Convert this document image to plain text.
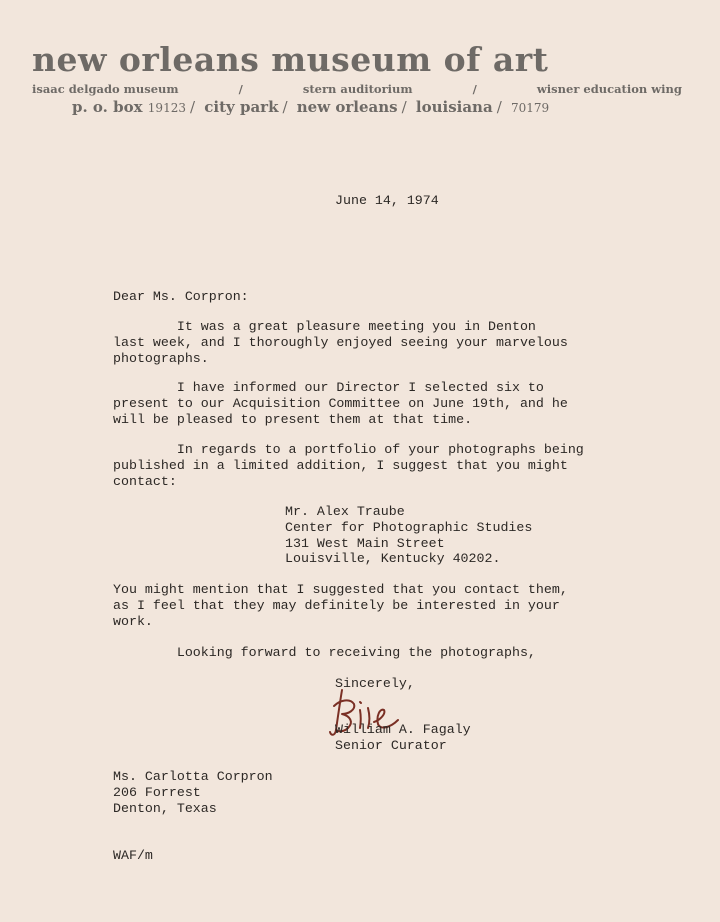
new orleans museum of art
isaac delgado museum	/	stern auditorium	/	wisner education wing
p. o. box 19123 / city park / new orleans / louisiana / 70179
June 14, 1974
Dear Ms. Corpron:
It was a great pleasure meeting you in Denton
last week, and I thoroughly enjoyed seeing your marvelous
photographs.
I have informed our Director I selected six to
present to our Acquisition Committee on June 19th, and he
will be pleased to present them at that time.
In regards to a portfolio of your photographs being
published in a limited addition, I suggest that you might
contact:
Mr. Alex Traube
Center for Photographic Studies
131 West Main Street
Louisville, Kentucky 40202.
You might mention that I suggested that you contact them,
as I feel that they may definitely be interested in your
work.
Looking forward to receiving the photographs,
Sincerely,
William A. Fagaly
Senior Curator
Ms. Carlotta Corpron
206 Forrest
Denton, Texas
WAF/m
